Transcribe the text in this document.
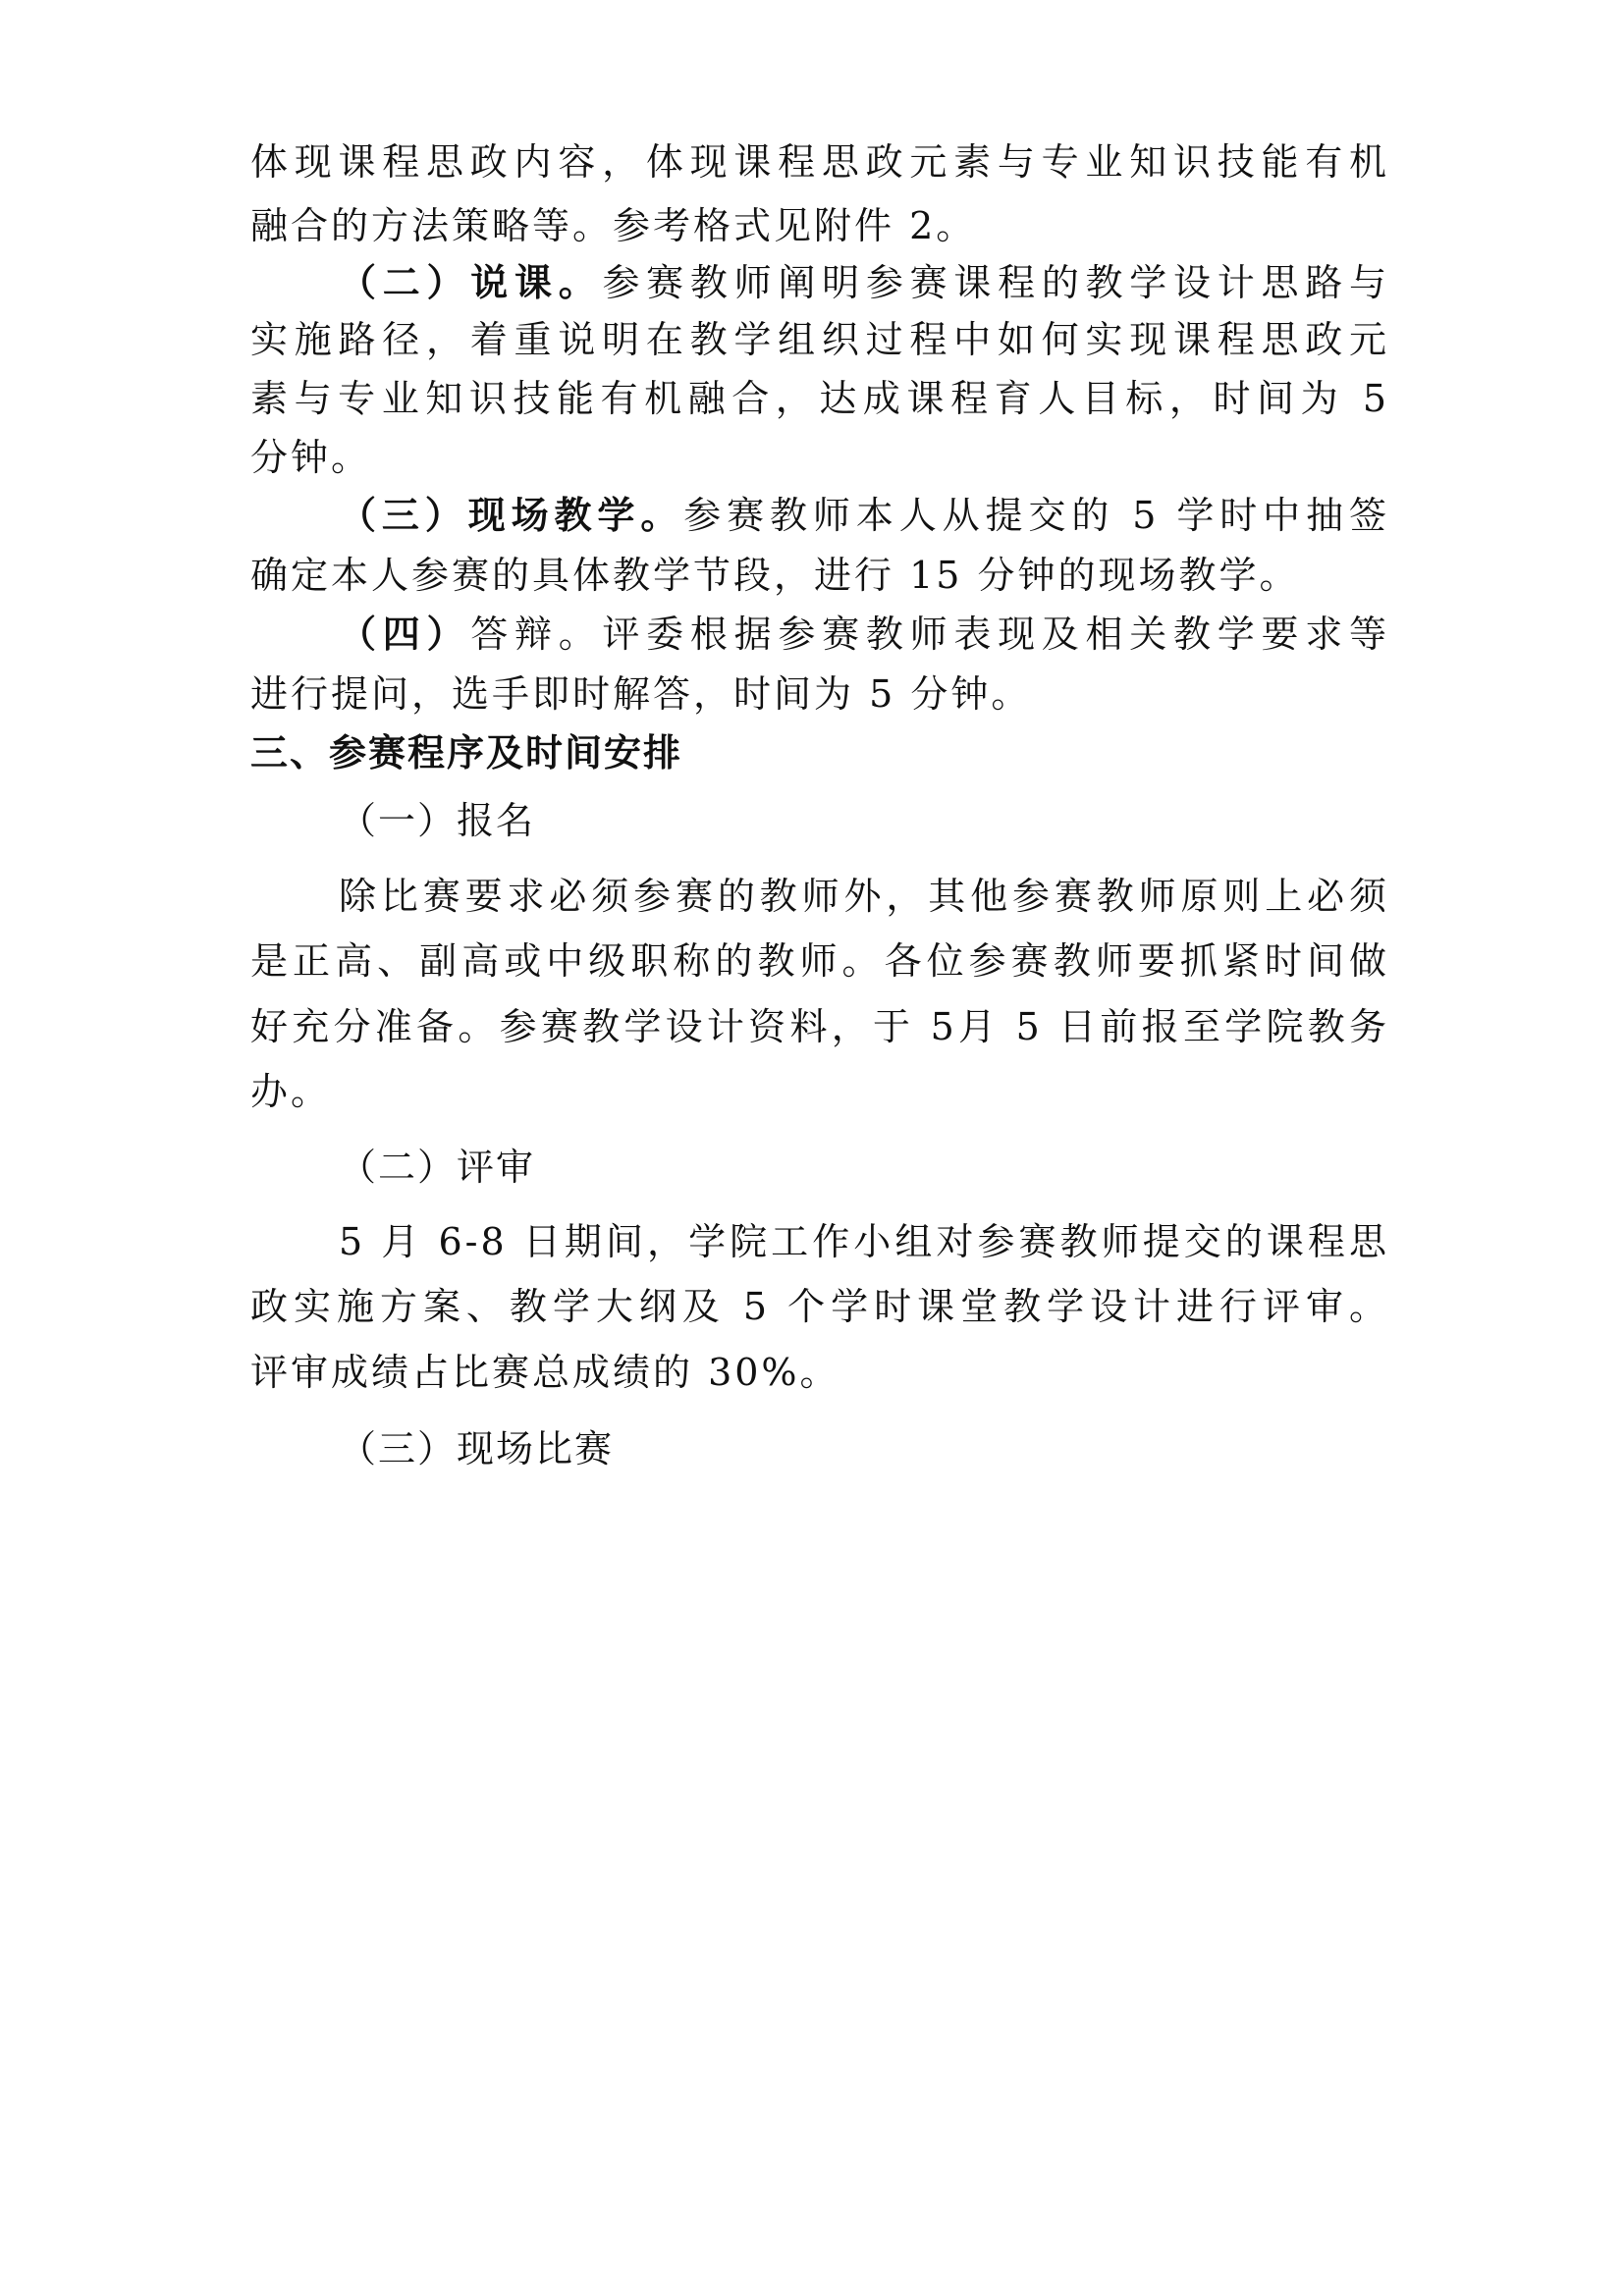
体现课程思政内容，体现课程思政元素与专业知识技能有机
融合的方法策略等。参考格式见附件 2。
（二）说课。参赛教师阐明参赛课程的教学设计思路与
实施路径，着重说明在教学组织过程中如何实现课程思政元
素与专业知识技能有机融合，达成课程育人目标，时间为 5
分钟。
（三）现场教学。参赛教师本人从提交的 5 学时中抽签
确定本人参赛的具体教学节段，进行 15 分钟的现场教学。
（四）答辩。评委根据参赛教师表现及相关教学要求等
进行提问，选手即时解答，时间为 5 分钟。
三、参赛程序及时间安排
（一）报名
除比赛要求必须参赛的教师外，其他参赛教师原则上必须
是正高、副高或中级职称的教师。各位参赛教师要抓紧时间做
好充分准备。参赛教学设计资料，于 5月 5 日前报至学院教务
办。
（二）评审
5 月 6-8 日期间，学院工作小组对参赛教师提交的课程思
政实施方案、教学大纲及 5 个学时课堂教学设计进行评审。
评审成绩占比赛总成绩的 30%。
（三）现场比赛
